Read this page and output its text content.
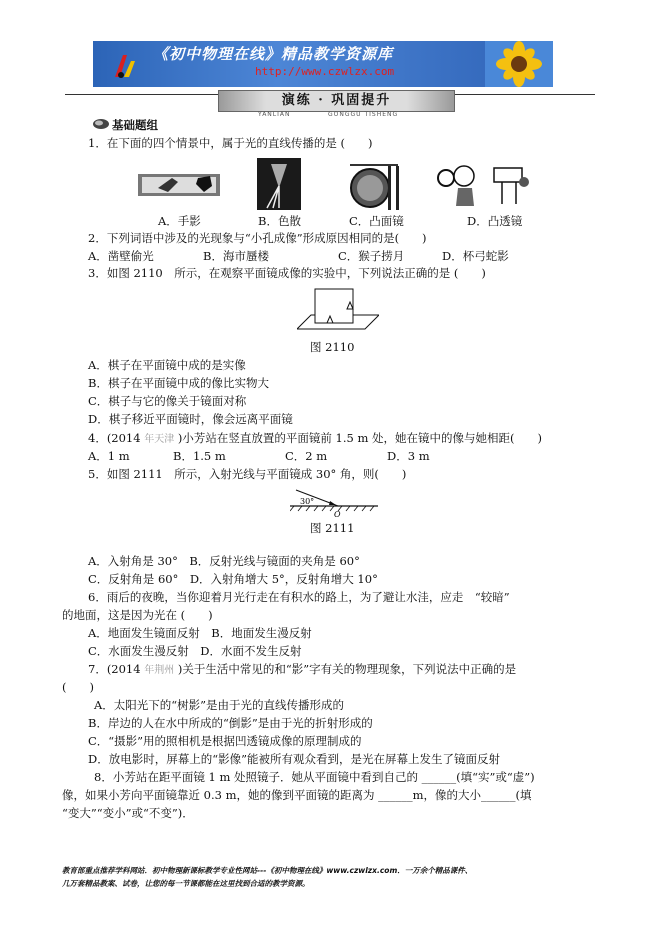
《初中物理在线》精品教学资源库
http://www.czwlzx.com
演练 · 巩固提升
YANLIAN	GONGGU TISHENG
基础题组
1．在下面的四个情景中，属于光的直线传播的是 (　　)
A．手影	B．色散	C．凸面镜	D．凸透镜
2．下列词语中涉及的光现象与“小孔成像”形成原因相同的是(　　)
A．凿壁偷光	B．海市蜃楼	C．猴子捞月	D．杯弓蛇影
3．如图 2110　所示，在观察平面镜成像的实验中，下列说法正确的是 (　　)
图 2110
A．棋子在平面镜中成的是实像
B．棋子在平面镜中成的像比实物大
C．棋子与它的像关于镜面对称
D．棋子移近平面镜时，像会远离平面镜
4．(2014 年天津 )小芳站在竖直放置的平面镜前 1.5 m 处，她在镜中的像与她相距(　　)
A．1 m	B．1.5 m	C．2 m	D．3 m
5．如图 2111　所示，入射光线与平面镜成 30° 角，则(　　)
30°
O
图 2111
A．入射角是 30°　B．反射光线与镜面的夹角是 60°
C．反射角是 60°　D．入射角增大 5°，反射角增大 10°
6．雨后的夜晚，当你迎着月光行走在有积水的路上，为了避让水洼，应走　“较暗”
的地面，这是因为光在 (　　)
A．地面发生镜面反射　B．地面发生漫反射
C．水面发生漫反射　D．水面不发生反射
7．(2014 年荆州 )关于生活中常见的和“影”字有关的物理现象，下列说法中正确的是
(　　)
A．太阳光下的“树影”是由于光的直线传播形成的
B．岸边的人在水中所成的“倒影”是由于光的折射形成的
C．“摄影”用的照相机是根据凹透镜成像的原理制成的
D．放电影时，屏幕上的“影像”能被所有观众看到，是光在屏幕上发生了镜面反射
8．小芳站在距平面镜 1 m 处照镜子．她从平面镜中看到自己的 ______(填“实”或“虚”)
像，如果小芳向平面镜靠近 0.3 m，她的像到平面镜的距离为 ______m，像的大小______(填
“变大”“变小”或“不变”)．
教育部重点推荐学科网站．初中物理新课标教学专业性网站---《初中物理在线》www.czwlzx.com．一万余个精品课件、
几万套精品教案、试卷，让您的每一节课都能在这里找到合适的教学资源。
